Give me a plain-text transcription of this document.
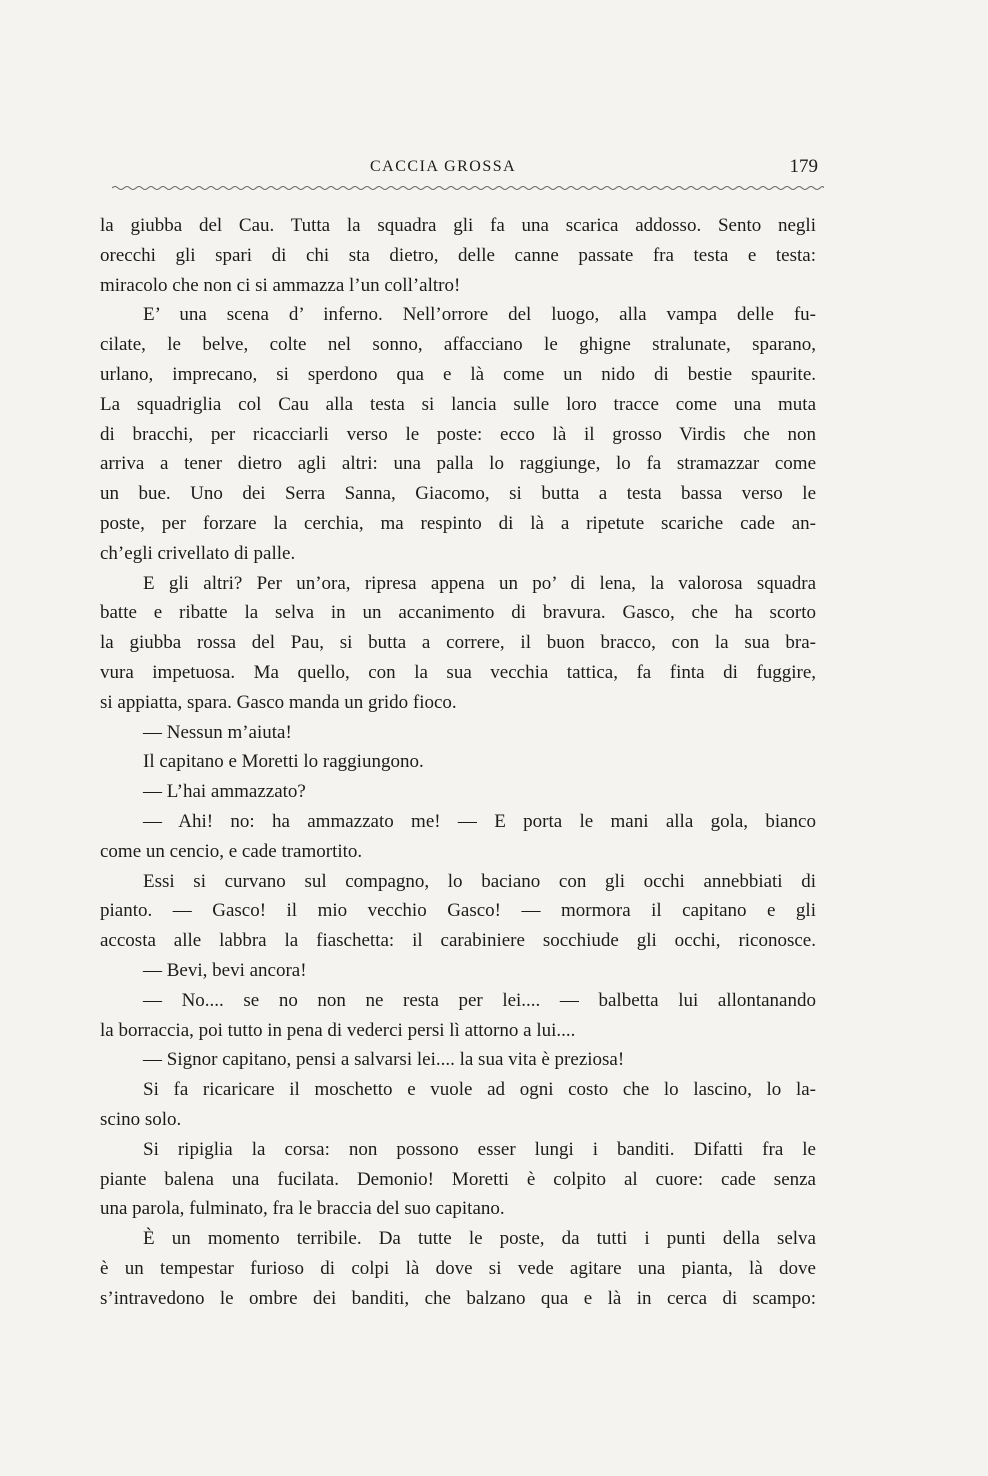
CACCIA GROSSA	179
la giubba del Cau. Tutta la squadra gli fa una scarica addosso. Sento negli
orecchi gli spari di chi sta dietro, delle canne passate fra testa e testa:
miracolo che non ci si ammazza l’un coll’altro!
E’ una scena d’ inferno. Nell’orrore del luogo, alla vampa delle fu-
cilate, le belve, colte nel sonno, affacciano le ghigne stralunate, sparano,
urlano, imprecano, si sperdono qua e là come un nido di bestie spaurite.
La squadriglia col Cau alla testa si lancia sulle loro tracce come una muta
di bracchi, per ricacciarli verso le poste: ecco là il grosso Virdis che non
arriva a tener dietro agli altri: una palla lo raggiunge, lo fa stramazzar come
un bue. Uno dei Serra Sanna, Giacomo, si butta a testa bassa verso le
poste, per forzare la cerchia, ma respinto di là a ripetute scariche cade an-
ch’egli crivellato di palle.
E gli altri? Per un’ora, ripresa appena un po’ di lena, la valorosa squadra
batte e ribatte la selva in un accanimento di bravura. Gasco, che ha scorto
la giubba rossa del Pau, si butta a correre, il buon bracco, con la sua bra-
vura impetuosa. Ma quello, con la sua vecchia tattica, fa finta di fuggire,
si appiatta, spara. Gasco manda un grido fioco.
— Nessun m’aiuta!
Il capitano e Moretti lo raggiungono.
— L’hai ammazzato?
— Ahi! no: ha ammazzato me! — E porta le mani alla gola, bianco
come un cencio, e cade tramortito.
Essi si curvano sul compagno, lo baciano con gli occhi annebbiati di
pianto. — Gasco! il mio vecchio Gasco! — mormora il capitano e gli
accosta alle labbra la fiaschetta: il carabiniere socchiude gli occhi, riconosce.
— Bevi, bevi ancora!
— No.... se no non ne resta per lei.... — balbetta lui allontanando
la borraccia, poi tutto in pena di vederci persi lì attorno a lui....
— Signor capitano, pensi a salvarsi lei.... la sua vita è preziosa!
Si fa ricaricare il moschetto e vuole ad ogni costo che lo lascino, lo la-
scino solo.
Si ripiglia la corsa: non possono esser lungi i banditi. Difatti fra le
piante balena una fucilata. Demonio! Moretti è colpito al cuore: cade senza
una parola, fulminato, fra le braccia del suo capitano.
È un momento terribile. Da tutte le poste, da tutti i punti della selva
è un tempestar furioso di colpi là dove si vede agitare una pianta, là dove
s’intravedono le ombre dei banditi, che balzano qua e là in cerca di scampo:
